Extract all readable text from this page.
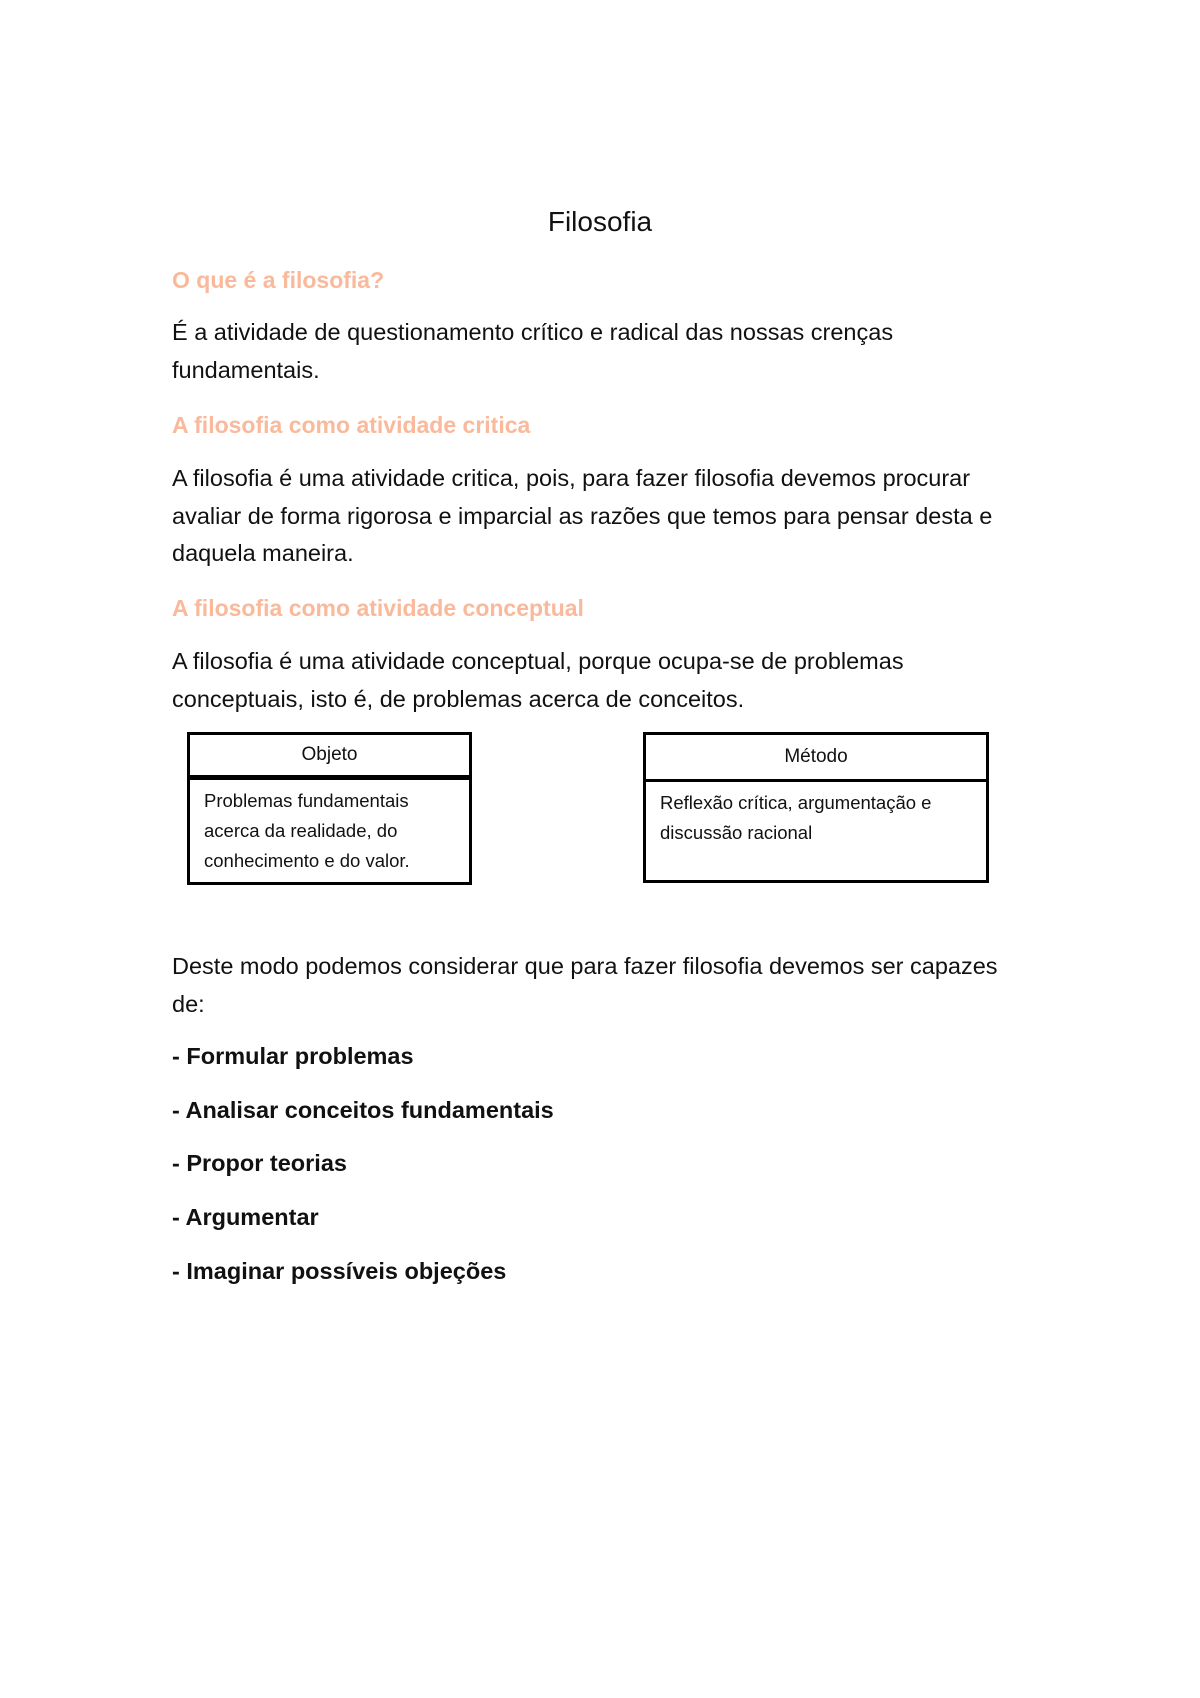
Filosofia
O que é a filosofia?
É a atividade de questionamento crítico e radical das nossas crenças fundamentais.
A filosofia como atividade critica
A filosofia é uma atividade critica, pois, para fazer filosofia devemos procurar avaliar de forma rigorosa e imparcial as razões que temos para pensar desta e daquela maneira.
A filosofia como atividade conceptual
A filosofia é uma atividade conceptual, porque ocupa-se de problemas conceptuais, isto é, de problemas acerca de conceitos.
Objeto
Problemas fundamentais acerca da realidade, do conhecimento e do valor.
Método
Reflexão crítica, argumentação e discussão racional
Deste modo podemos considerar que para fazer filosofia devemos ser capazes de:
- Formular problemas
- Analisar conceitos fundamentais
- Propor teorias
- Argumentar
- Imaginar possíveis objeções
